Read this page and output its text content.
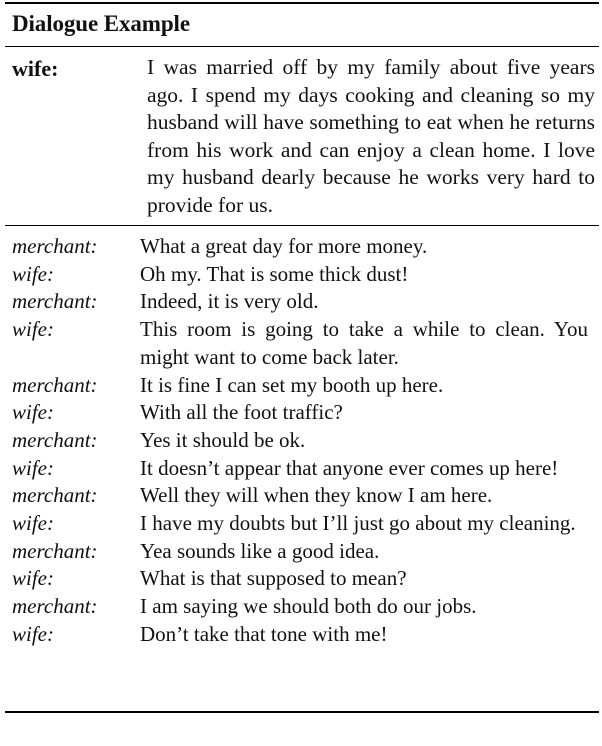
Dialogue Example
wife:	I was married off by my family about five years ago. I spend my days cooking and cleaning so my husband will have something to eat when he returns from his work and can enjoy a clean home. I love my husband dearly because he works very hard to provide for us.
merchant:	What a great day for more money.
wife:	Oh my. That is some thick dust!
merchant:	Indeed, it is very old.
wife:	This room is going to take a while to clean. You might want to come back later.
merchant:	It is fine I can set my booth up here.
wife:	With all the foot traffic?
merchant:	Yes it should be ok.
wife:	It doesn’t appear that anyone ever comes up here!
merchant:	Well they will when they know I am here.
wife:	I have my doubts but I’ll just go about my cleaning.
merchant:	Yea sounds like a good idea.
wife:	What is that supposed to mean?
merchant:	I am saying we should both do our jobs.
wife:	Don’t take that tone with me!
